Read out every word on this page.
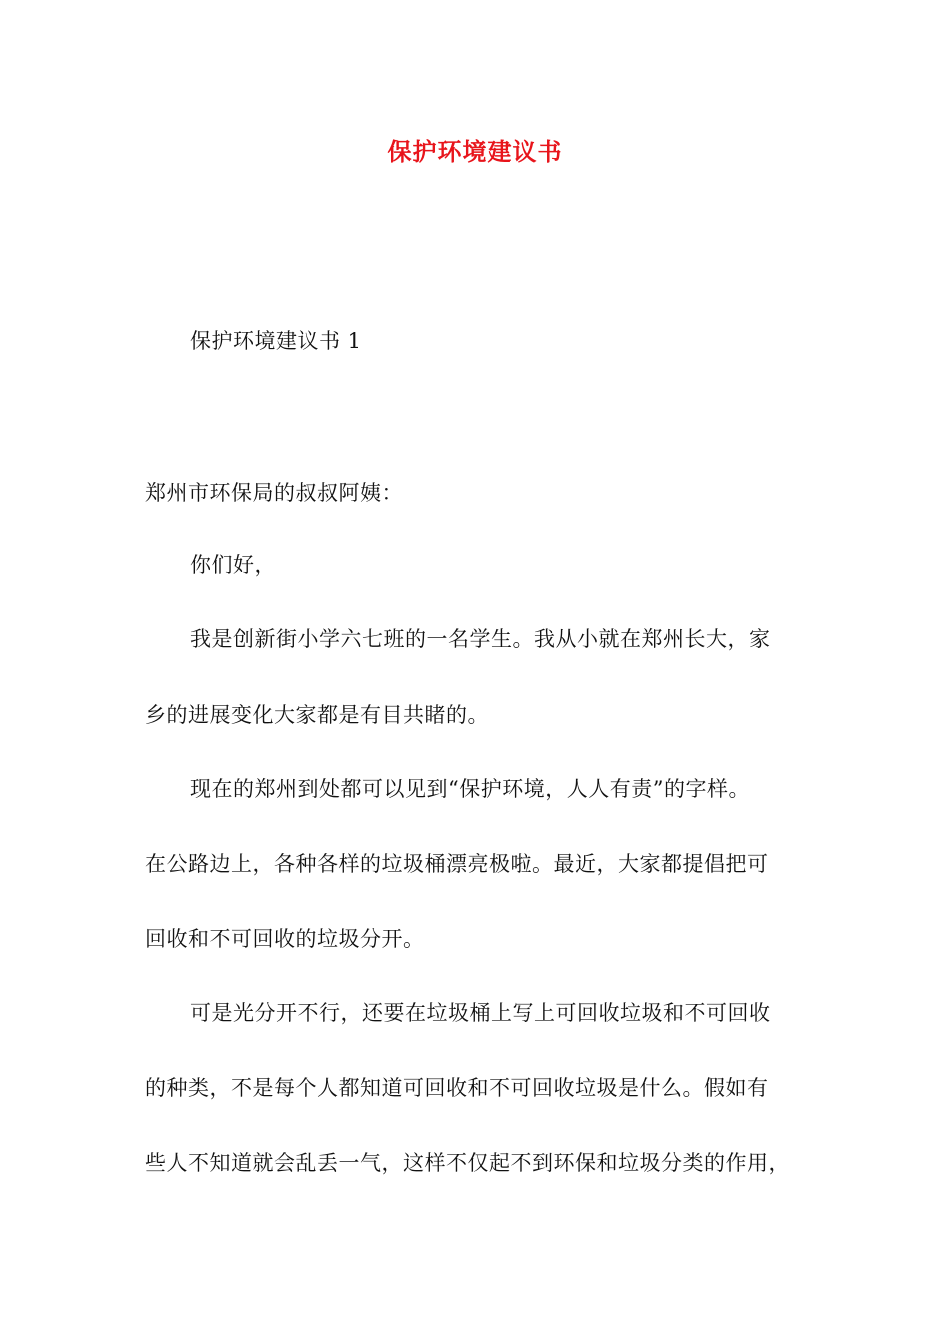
保护环境建议书
保护环境建议书 1
郑州市环保局的叔叔阿姨：
你们好，
我是创新街小学六七班的一名学生。我从小就在郑州长大，家
乡的进展变化大家都是有目共睹的。
现在的郑州到处都可以见到“保护环境，人人有责”的字样。
在公路边上，各种各样的垃圾桶漂亮极啦。最近，大家都提倡把可
回收和不可回收的垃圾分开。
可是光分开不行，还要在垃圾桶上写上可回收垃圾和不可回收
的种类，不是每个人都知道可回收和不可回收垃圾是什么。假如有
些人不知道就会乱丢一气，这样不仅起不到环保和垃圾分类的作用，
